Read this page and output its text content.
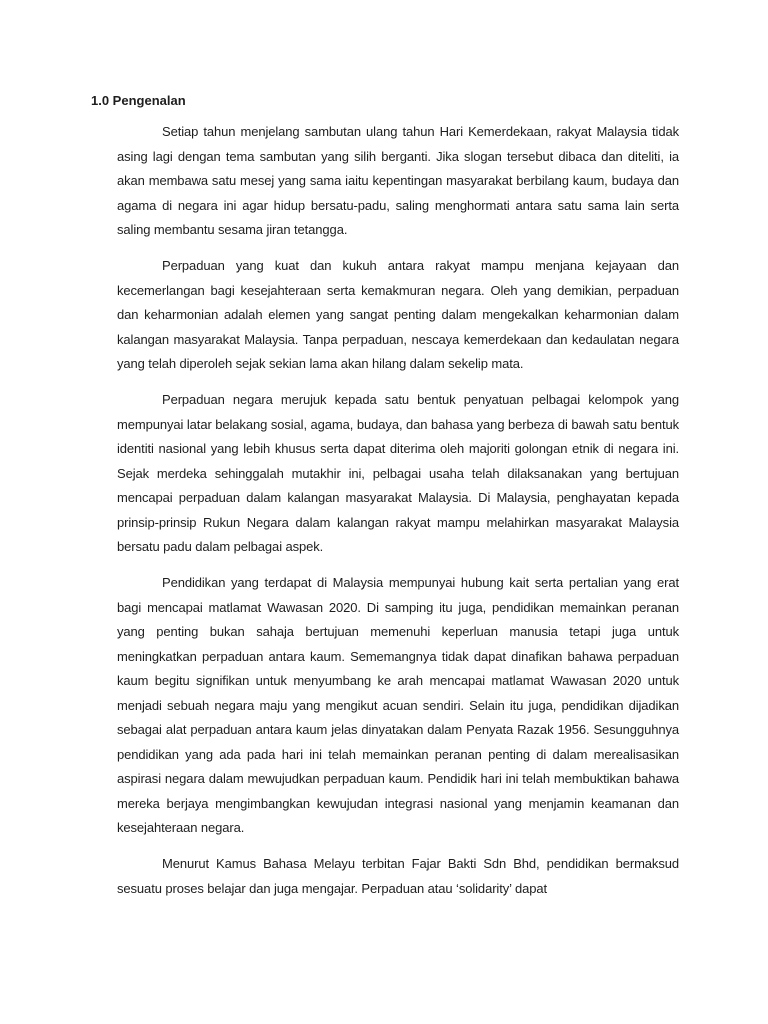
1.0 Pengenalan

Setiap tahun menjelang sambutan ulang tahun Hari Kemerdekaan, rakyat Malaysia tidak asing lagi dengan tema sambutan yang silih berganti. Jika slogan tersebut dibaca dan diteliti, ia akan membawa satu mesej yang sama iaitu kepentingan masyarakat berbilang kaum, budaya dan agama di negara ini agar hidup bersatu-padu, saling menghormati antara satu sama lain serta saling membantu sesama jiran tetangga.

Perpaduan yang kuat dan kukuh antara rakyat mampu menjana kejayaan dan kecemerlangan bagi kesejahteraan serta kemakmuran negara. Oleh yang demikian, perpaduan dan keharmonian adalah elemen yang sangat penting dalam mengekalkan keharmonian dalam kalangan masyarakat Malaysia. Tanpa perpaduan, nescaya kemerdekaan dan kedaulatan negara yang telah diperoleh sejak sekian lama akan hilang dalam sekelip mata.

Perpaduan negara merujuk kepada satu bentuk penyatuan pelbagai kelompok yang mempunyai latar belakang sosial, agama, budaya, dan bahasa yang berbeza di bawah satu bentuk identiti nasional yang lebih khusus serta dapat diterima oleh majoriti golongan etnik di negara ini. Sejak merdeka sehinggalah mutakhir ini, pelbagai usaha telah dilaksanakan yang bertujuan mencapai perpaduan dalam kalangan masyarakat Malaysia. Di Malaysia, penghayatan kepada prinsip-prinsip Rukun Negara dalam kalangan rakyat mampu melahirkan masyarakat Malaysia bersatu padu dalam pelbagai aspek.

Pendidikan yang terdapat di Malaysia mempunyai hubung kait serta pertalian yang erat bagi mencapai matlamat Wawasan 2020. Di samping itu juga, pendidikan memainkan peranan yang penting bukan sahaja bertujuan memenuhi keperluan manusia tetapi juga untuk meningkatkan perpaduan antara kaum. Sememangnya tidak dapat dinafikan bahawa perpaduan kaum begitu signifikan untuk menyumbang ke arah mencapai matlamat Wawasan 2020 untuk menjadi sebuah negara maju yang mengikut acuan sendiri. Selain itu juga, pendidikan dijadikan sebagai alat perpaduan antara kaum jelas dinyatakan dalam Penyata Razak 1956. Sesungguhnya pendidikan yang ada pada hari ini telah memainkan peranan penting di dalam merealisasikan aspirasi negara dalam mewujudkan perpaduan kaum. Pendidik hari ini telah membuktikan bahawa mereka berjaya mengimbangkan kewujudan integrasi nasional yang menjamin keamanan dan kesejahteraan negara.

Menurut Kamus Bahasa Melayu terbitan Fajar Bakti Sdn Bhd, pendidikan bermaksud sesuatu proses belajar dan juga mengajar. Perpaduan atau ‘solidarity’ dapat
